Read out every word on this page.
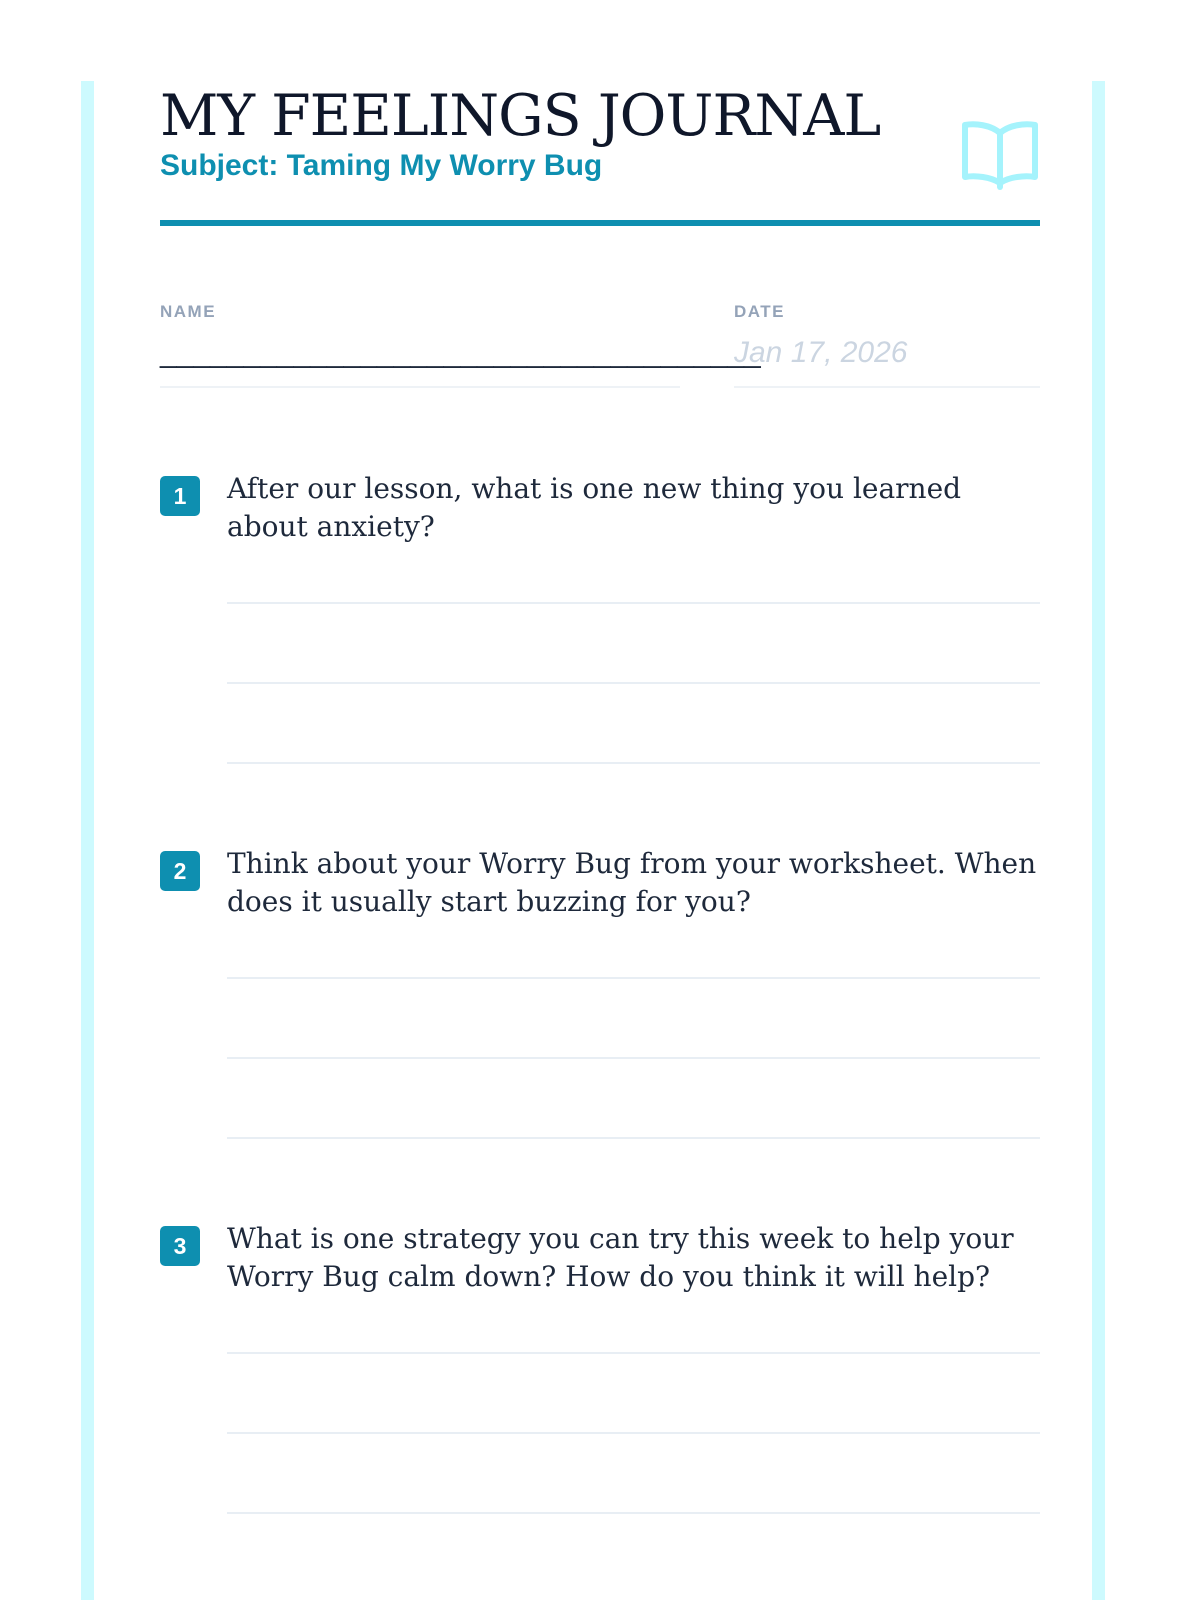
MY FEELINGS JOURNAL
Subject: Taming My Worry Bug
NAME
____________________________________
DATE
Jan 17, 2026
1	After our lesson, what is one new thing you learned about anxiety?
2	Think about your Worry Bug from your worksheet. When does it usually start buzzing for you?
3	What is one strategy you can try this week to help your Worry Bug calm down? How do you think it will help?
